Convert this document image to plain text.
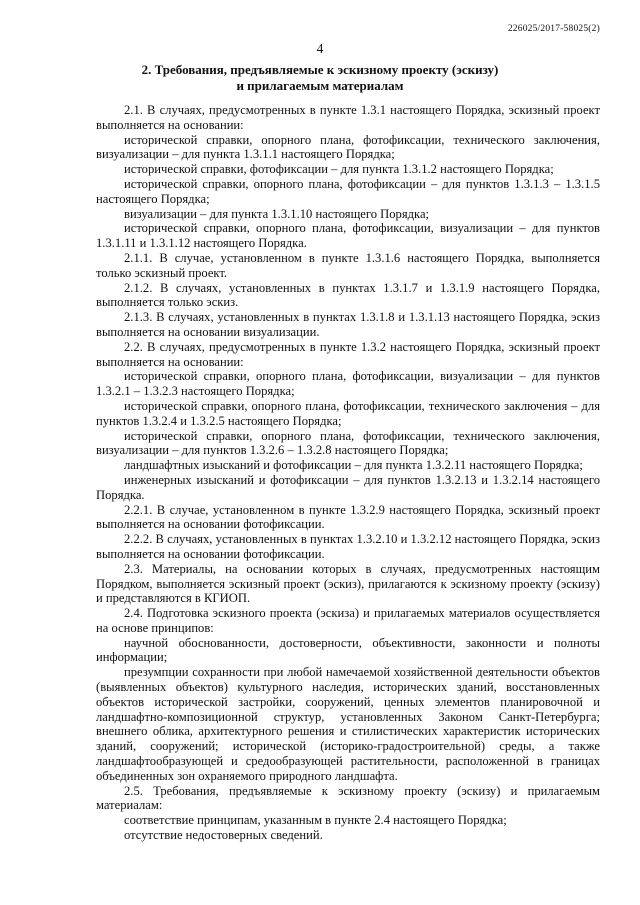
226025/2017-58025(2)
4
2. Требования, предъявляемые к эскизному проекту (эскизу)
и прилагаемым материалам

2.1. В случаях, предусмотренных в пункте 1.3.1 настоящего Порядка, эскизный проект выполняется на основании:

исторической справки, опорного плана, фотофиксации, технического заключения, визуализации – для пункта 1.3.1.1 настоящего Порядка;

исторической справки, фотофиксации – для пункта 1.3.1.2 настоящего Порядка;

исторической справки, опорного плана, фотофиксации – для пунктов 1.3.1.3 – 1.3.1.5 настоящего Порядка;

визуализации – для пункта 1.3.1.10 настоящего Порядка;

исторической справки, опорного плана, фотофиксации, визуализации – для пунктов 1.3.1.11 и 1.3.1.12 настоящего Порядка.

2.1.1. В случае, установленном в пункте 1.3.1.6 настоящего Порядка, выполняется только эскизный проект.

2.1.2. В случаях, установленных в пунктах 1.3.1.7 и 1.3.1.9 настоящего Порядка, выполняется только эскиз.

2.1.3. В случаях, установленных в пунктах 1.3.1.8 и 1.3.1.13 настоящего Порядка, эскиз выполняется на основании визуализации.

2.2. В случаях, предусмотренных в пункте 1.3.2 настоящего Порядка, эскизный проект выполняется на основании:

исторической справки, опорного плана, фотофиксации, визуализации – для пунктов 1.3.2.1 – 1.3.2.3 настоящего Порядка;

исторической справки, опорного плана, фотофиксации, технического заключения – для пунктов 1.3.2.4 и 1.3.2.5 настоящего Порядка;

исторической справки, опорного плана, фотофиксации, технического заключения, визуализации – для пунктов 1.3.2.6 – 1.3.2.8 настоящего Порядка;

ландшафтных изысканий и фотофиксации – для пункта 1.3.2.11 настоящего Порядка;

инженерных изысканий и фотофиксации – для пунктов 1.3.2.13 и 1.3.2.14 настоящего Порядка.

2.2.1. В случае, установленном в пункте 1.3.2.9 настоящего Порядка, эскизный проект выполняется на основании фотофиксации.

2.2.2. В случаях, установленных в пунктах 1.3.2.10 и 1.3.2.12 настоящего Порядка, эскиз выполняется на основании фотофиксации.

2.3. Материалы, на основании которых в случаях, предусмотренных настоящим Порядком, выполняется эскизный проект (эскиз), прилагаются к эскизному проекту (эскизу) и представляются в КГИОП.

2.4. Подготовка эскизного проекта (эскиза) и прилагаемых материалов осуществляется на основе принципов:

научной обоснованности, достоверности, объективности, законности и полноты информации;

презумпции сохранности при любой намечаемой хозяйственной деятельности объектов (выявленных объектов) культурного наследия, исторических зданий, восстановленных объектов исторической застройки, сооружений, ценных элементов планировочной и ландшафтно-композиционной структур, установленных Законом Санкт-Петербурга; внешнего облика, архитектурного решения и стилистических характеристик исторических зданий, сооружений; исторической (историко-градостроительной) среды, а также ландшафтообразующей и средообразующей растительности, расположенной в границах объединенных зон охраняемого природного ландшафта.

2.5. Требования, предъявляемые к эскизному проекту (эскизу) и прилагаемым материалам:

соответствие принципам, указанным в пункте 2.4 настоящего Порядка;

отсутствие недостоверных сведений.
